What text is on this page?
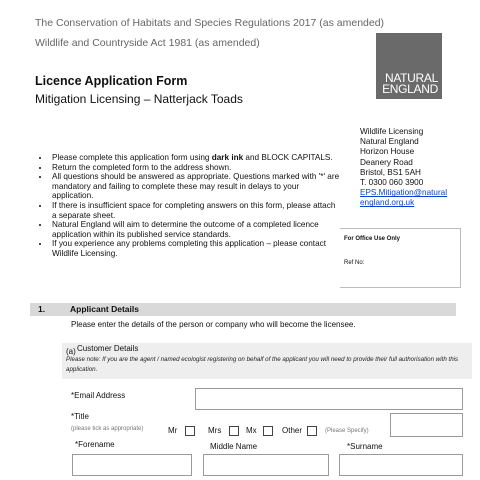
The Conservation of Habitats and Species Regulations 2017 (as amended)
Wildlife and Countryside Act 1981 (as amended)
NATURAL
ENGLAND
Licence Application Form
Mitigation Licensing – Natterjack Toads
Wildlife Licensing
Natural England
Horizon House
Deanery Road
Bristol, BS1 5AH
T. 0300 060 3900
EPS.Mitigation@natural
england.org.uk
• Please complete this application form using dark ink and BLOCK CAPITALS.
• Return the completed form to the address shown.
• All questions should be answered as appropriate. Questions marked with '*' are mandatory and failing to complete these may result in delays to your application.
• If there is insufficient space for completing answers on this form, please attach a separate sheet.
• Natural England will aim to determine the outcome of a completed licence application within its published service standards.
• If you experience any problems completing this application – please contact Wildlife Licensing.
For Office Use Only
Ref No:
1.	Applicant Details
Please enter the details of the person or company who will become the licensee.
(a) Customer Details
Please note: If you are the agent / named ecologist registering on behalf of the applicant you will need to provide their full authorisation with this application.
*Email Address
*Title
(please tick as appropriate)	Mr	Mrs	Mx	Other	(Please Specify)
*Forename	Middle Name	*Surname
